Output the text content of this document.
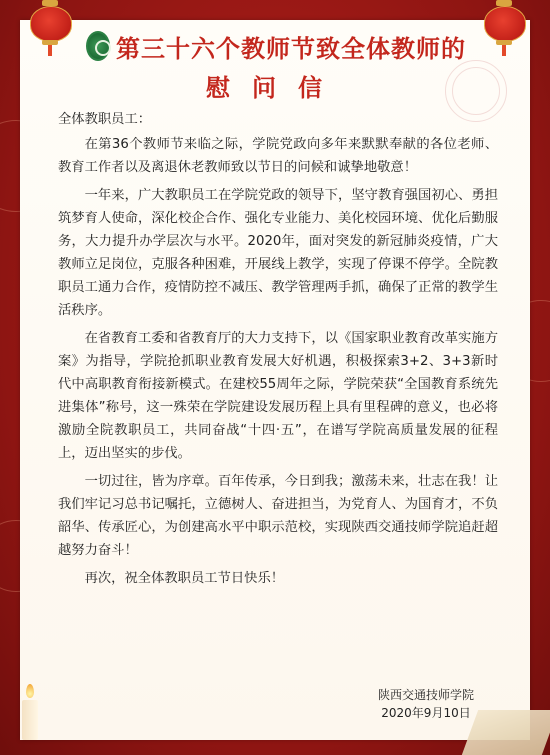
第三十六个教师节致全体教师的
慰问信

全体教职员工：

在第36个教师节来临之际，学院党政向多年来默默奉献的各位老师、教育工作者以及离退休老教师致以节日的问候和诚挚地敬意！

一年来，广大教职员工在学院党政的领导下，坚守教育强国初心、勇担筑梦育人使命，深化校企合作、强化专业能力、美化校园环境、优化后勤服务，大力提升办学层次与水平。2020年，面对突发的新冠肺炎疫情，广大教师立足岗位，克服各种困难，开展线上教学，实现了停课不停学。全院教职员工通力合作，疫情防控不减压、教学管理两手抓，确保了正常的教学生活秩序。

在省教育工委和省教育厅的大力支持下，以《国家职业教育改革实施方案》为指导，学院抢抓职业教育发展大好机遇，积极探索3+2、3+3新时代中高职教育衔接新模式。在建校55周年之际，学院荣获“全国教育系统先进集体”称号，这一殊荣在学院建设发展历程上具有里程碑的意义，也必将激励全院教职员工，共同奋战“十四·五”，在谱写学院高质量发展的征程上，迈出坚实的步伐。

一切过往，皆为序章。百年传承，今日到我；激荡未来，壮志在我！让我们牢记习总书记嘱托，立德树人、奋进担当，为党育人、为国育才，不负韶华、传承匠心，为创建高水平中职示范校，实现陕西交通技师学院追赶超越努力奋斗！

再次，祝全体教职员工节日快乐！

陕西交通技师学院
2020年9月10日
